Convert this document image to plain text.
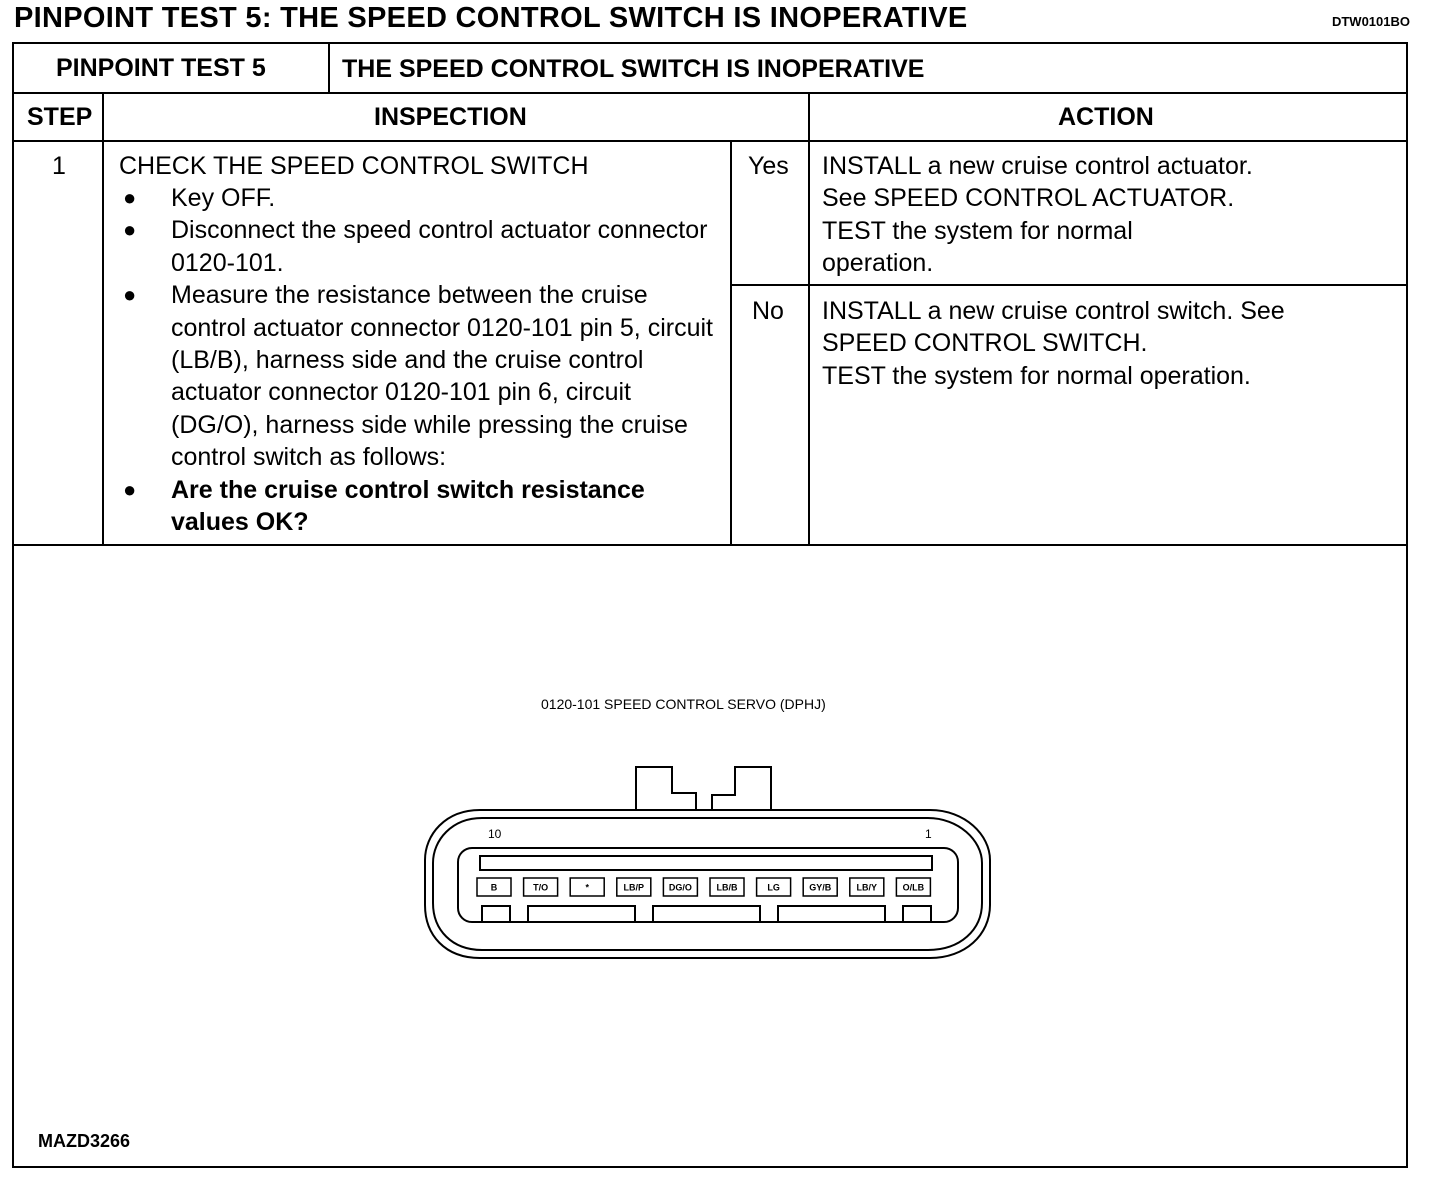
PINPOINT TEST 5: THE SPEED CONTROL SWITCH IS INOPERATIVE	DTW0101BO
PINPOINT TEST 5	THE SPEED CONTROL SWITCH IS INOPERATIVE
STEP	INSPECTION	ACTION
1 CHECK THE SPEED CONTROL SWITCH
● Key OFF.
● Disconnect the speed control actuator connector 0120-101.
● Measure the resistance between the cruise control actuator connector 0120-101 pin 5, circuit (LB/B), harness side and the cruise control actuator connector 0120-101 pin 6, circuit (DG/O), harness side while pressing the cruise control switch as follows:
● Are the cruise control switch resistance values OK?
Yes INSTALL a new cruise control actuator.
See SPEED CONTROL ACTUATOR.
TEST the system for normal
operation.
No INSTALL a new cruise control switch. See
SPEED CONTROL SWITCH.
TEST the system for normal operation.
0120-101 SPEED CONTROL SERVO (DPHJ)
10	1
B	T/O	*	LB/P	DG/O	LB/B	LG	GY/B	LB/Y	O/LB
MAZD3266
